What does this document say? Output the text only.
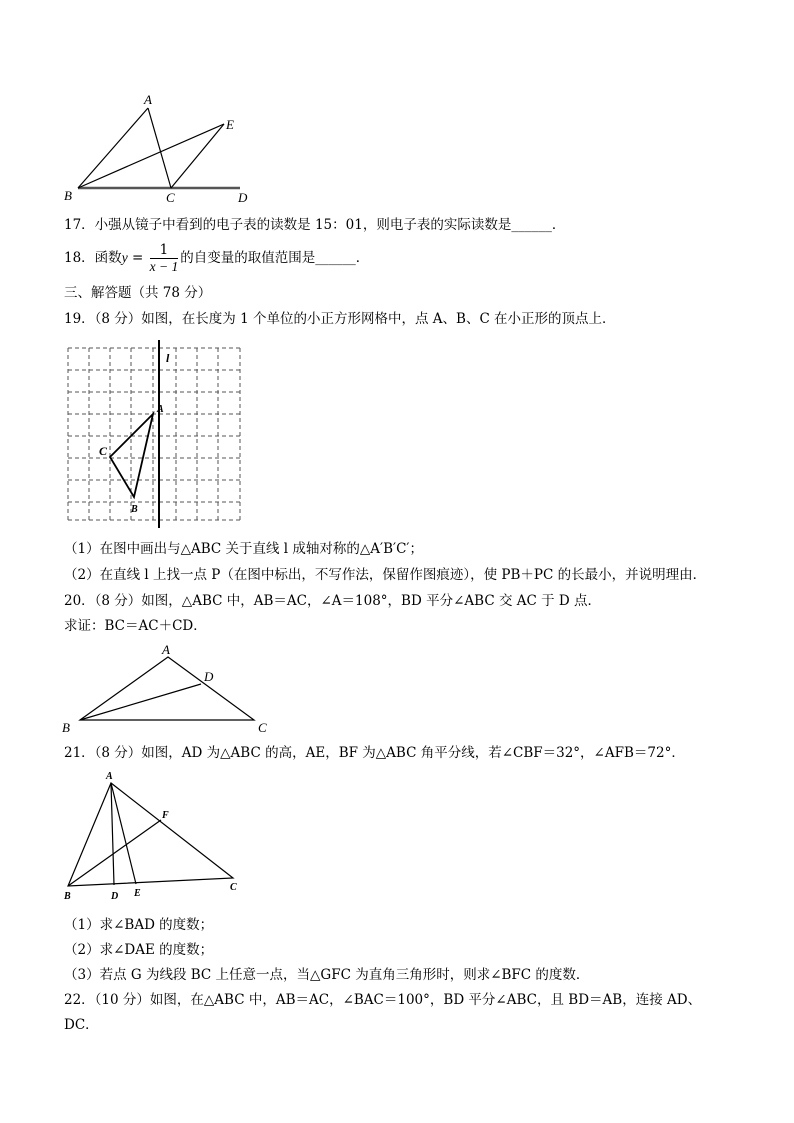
A
E
B	C	D
17．小强从镜子中看到的电子表的读数是 15：01，则电子表的实际读数是______．
18．函数$y = \frac{1}{x - 1}$ 的自变量的取值范围是______．
三、解答题（共 78 分）
19．（8 分）如图，在长度为 1 个单位的小正方形网格中，点 A、B、C 在小正形的顶点上．
l
A
C
B
（1）在图中画出与△ABC 关于直线 l 成轴对称的△A′B′C′；
（2）在直线 l 上找一点 P（在图中标出，不写作法，保留作图痕迹），使 PB＋PC 的长最小，并说明理由．
20．（8 分）如图，△ABC 中，AB＝AC，∠A＝108°，BD 平分∠ABC 交 AC 于 D 点．
求证：BC＝AC＋CD．
A
D
B	C
21．（8 分）如图，AD 为△ABC 的高，AE，BF 为△ABC 角平分线，若∠CBF＝32°，∠AFB＝72°．
A
F
B	D E
C
（1）求∠BAD 的度数；
（2）求∠DAE 的度数；
（3）若点 G 为线段 BC 上任意一点，当△GFC 为直角三角形时，则求∠BFC 的度数．
22．（10 分）如图，在△ABC 中，AB＝AC，∠BAC＝100°，BD 平分∠ABC，且 BD＝AB，连接 AD、
DC．
